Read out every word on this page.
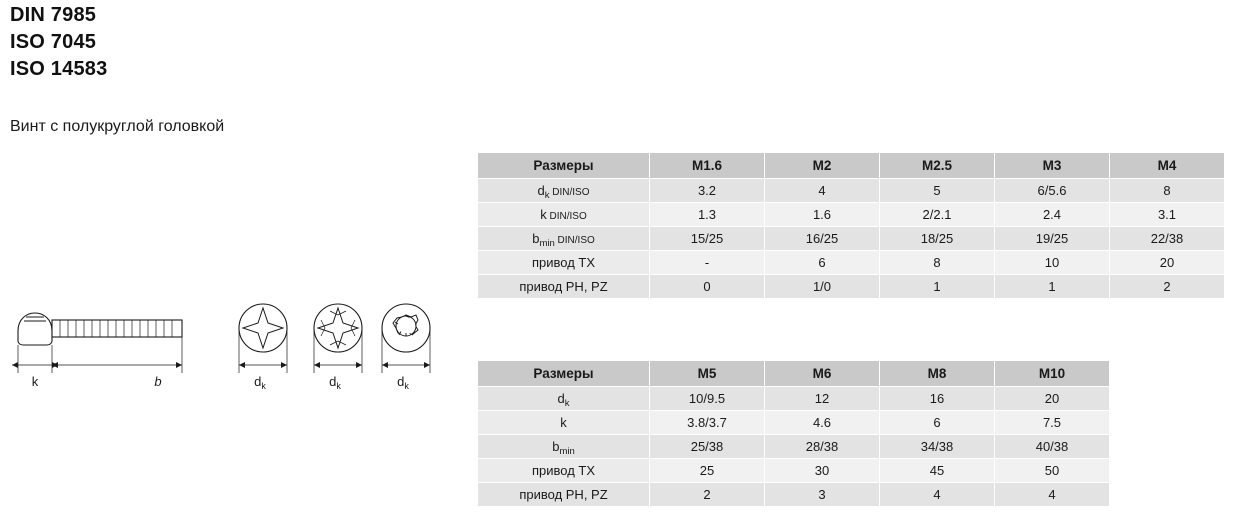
DIN 7985
ISO 7045
ISO 14583
Винт с полукруглой головкой
k	b	$d_k$	$d_k$	$d_k$
Размеры	M1.6	M2	M2.5	M3	M4
$d_k$ DIN/ISO	3.2	4	5	6/5.6	8
k DIN/ISO	1.3	1.6	2/2.1	2.4	3.1
$b_{min}$ DIN/ISO	15/25	16/25	18/25	19/25	22/38
привод TX	-	6	8	10	20
привод PH, PZ	0	1/0	1	1	2
Размеры	M5	M6	M8	M10	
$d_k$	10/9.5	12	16	20	
k	3.8/3.7	4.6	6	7.5	
$b_{min}$	25/38	28/38	34/38	40/38	
привод TX	25	30	45	50	
привод PH, PZ	2	3	4	4	
